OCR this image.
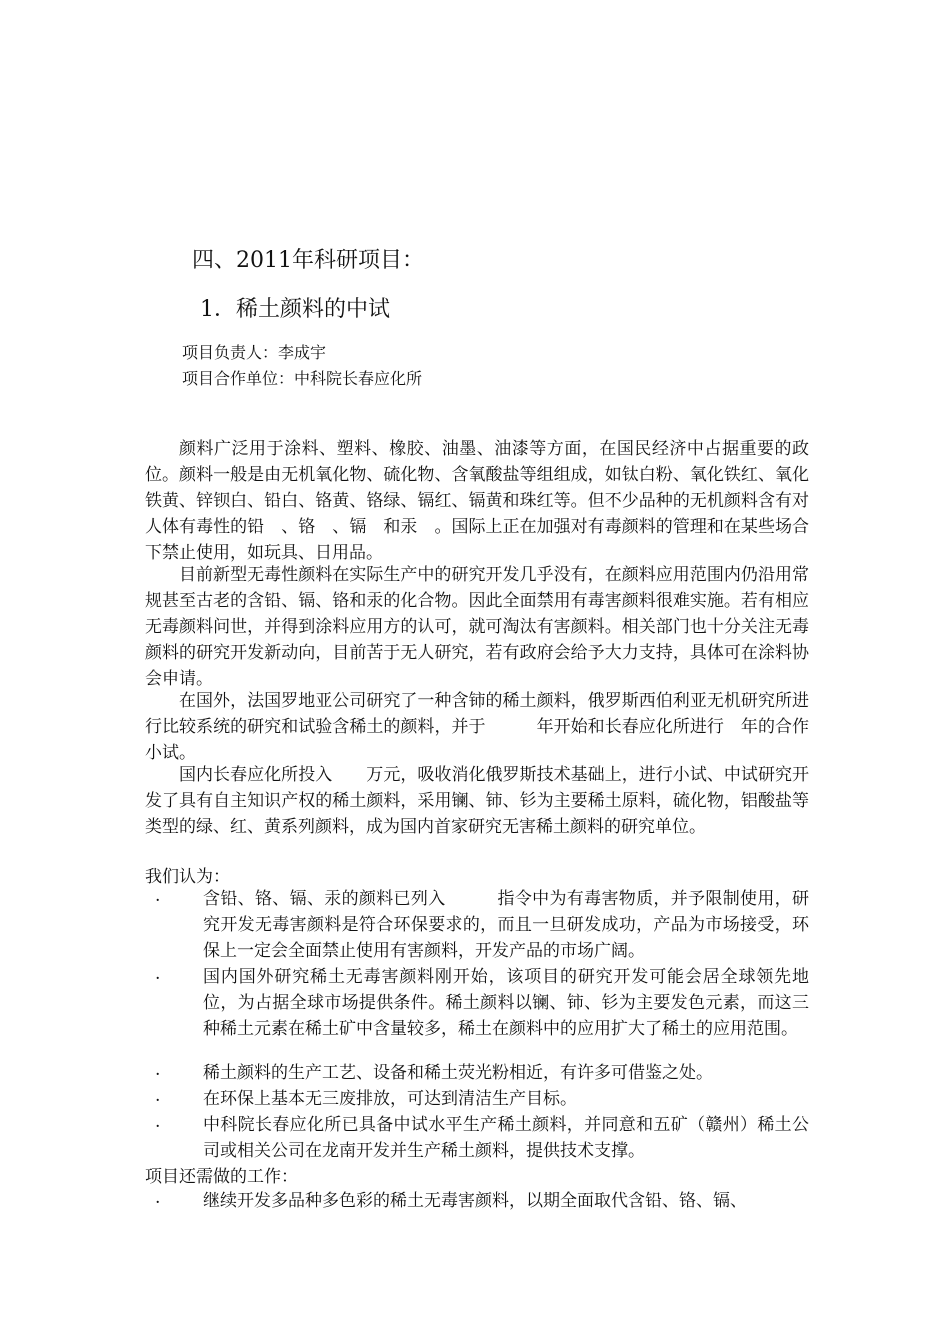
四、2011年科研项目：
1．稀土颜料的中试
项目负责人：李成宇
项目合作单位：中科院长春应化所
颜料广泛用于涂料、塑料、橡胶、油墨、油漆等方面，在国民经济中占据重要的政位。颜料一般是由无机氧化物、硫化物、含氧酸盐等组组成，如钛白粉、氧化铁红、氧化铁黄、锌钡白、铅白、铬黄、铬绿、镉红、镉黄和珠红等。但不少品种的无机颜料含有对人体有毒性的铅　、铬　、镉　和汞　。国际上正在加强对有毒颜料的管理和在某些场合下禁止使用，如玩具、日用品。
目前新型无毒性颜料在实际生产中的研究开发几乎没有，在颜料应用范围内仍沿用常规甚至古老的含铅、镉、铬和汞的化合物。因此全面禁用有毒害颜料很难实施。若有相应无毒颜料问世，并得到涂料应用方的认可，就可淘汰有害颜料。相关部门也十分关注无毒颜料的研究开发新动向，目前苦于无人研究，若有政府会给予大力支持，具体可在涂料协会申请。
在国外，法国罗地亚公司研究了一种含铈的稀土颜料，俄罗斯西伯利亚无机研究所进行比较系统的研究和试验含稀土的颜料，并于　　　年开始和长春应化所进行　年的合作小试。
国内长春应化所投入　　万元，吸收消化俄罗斯技术基础上，进行小试、中试研究开发了具有自主知识产权的稀土颜料，采用镧、铈、钐为主要稀土原料，硫化物，铝酸盐等类型的绿、红、黄系列颜料，成为国内首家研究无害稀土颜料的研究单位。
我们认为：
.	含铅、铬、镉、汞的颜料已列入　　　指令中为有毒害物质，并予限制使用，研究开发无毒害颜料是符合环保要求的，而且一旦研发成功，产品为市场接受，环保上一定会全面禁止使用有害颜料，开发产品的市场广阔。
.	国内国外研究稀土无毒害颜料刚开始，该项目的研究开发可能会居全球领先地位，为占据全球市场提供条件。稀土颜料以镧、铈、钐为主要发色元素，而这三种稀土元素在稀土矿中含量较多，稀土在颜料中的应用扩大了稀土的应用范围。
.	稀土颜料的生产工艺、设备和稀土荧光粉相近，有许多可借鉴之处。
.	在环保上基本无三废排放，可达到清洁生产目标。
.	中科院长春应化所已具备中试水平生产稀土颜料，并同意和五矿（赣州）稀土公司或相关公司在龙南开发并生产稀土颜料，提供技术支撑。
项目还需做的工作：
.	继续开发多品种多色彩的稀土无毒害颜料，以期全面取代含铅、铬、镉、
